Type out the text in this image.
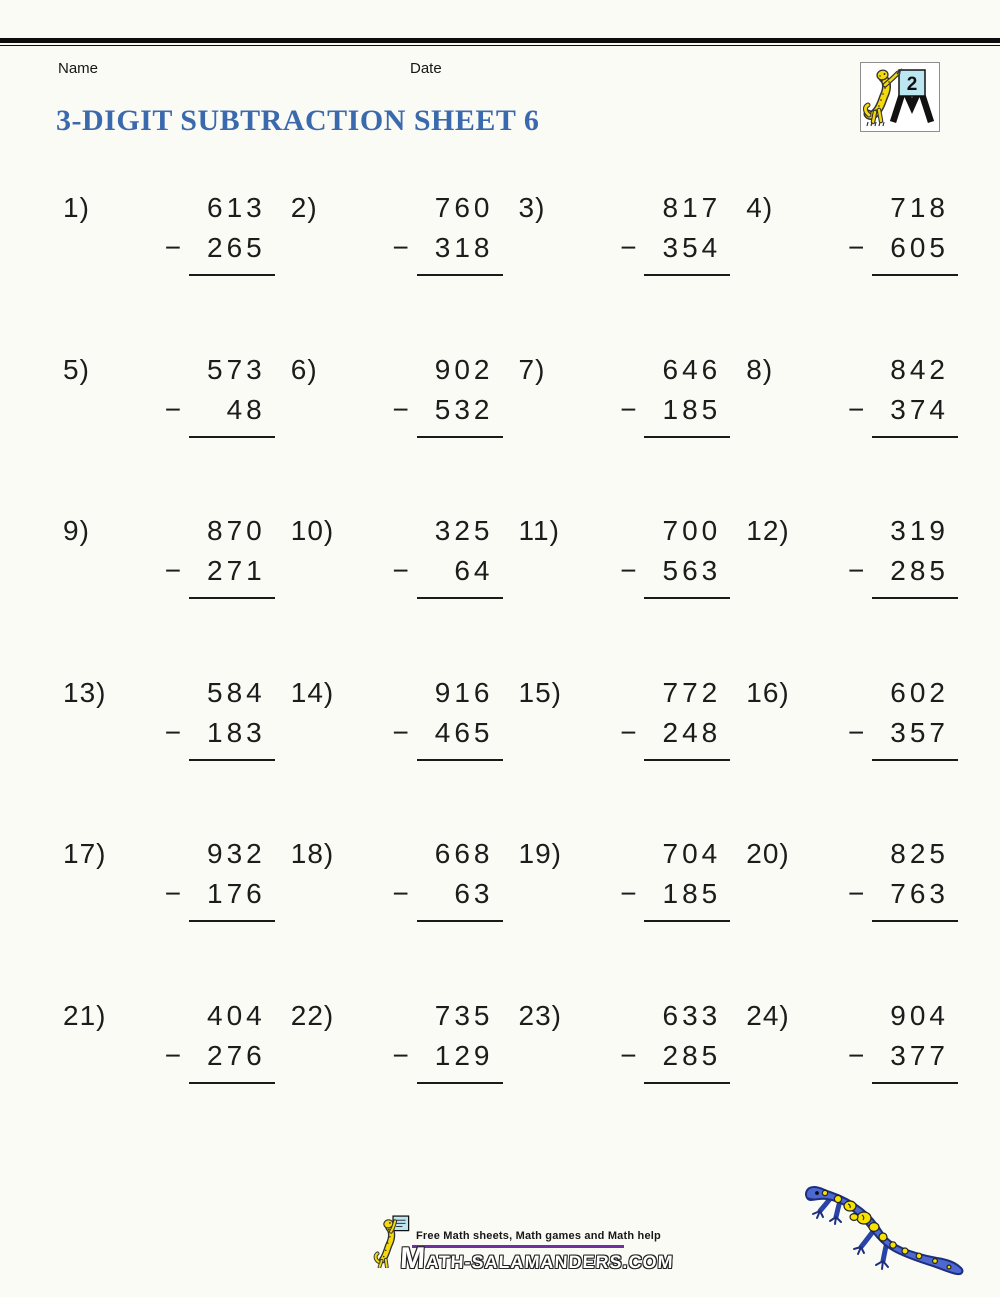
Name	Date
2
3-DIGIT SUBTRACTION SHEET 6
1)	613
− 265
2)	760
− 318
3)	817
− 354
4)	718
− 605
5)	573
− 48
6)	902
− 532
7)	646
− 185
8)	842
− 374
9)	870
− 271
10)	325
− 64
11)	700
− 563
12)	319
− 285
13)	584
− 183
14)	916
− 465
15)	772
− 248
16)	602
− 357
17)	932
− 176
18)	668
− 63
19)	704
− 185
20)	825
− 763
21)	404
− 276
22)	735
− 129
23)	633
− 285
24)	904
− 377
Free Math sheets, Math games and Math help
MATH-SALAMANDERS.COM
